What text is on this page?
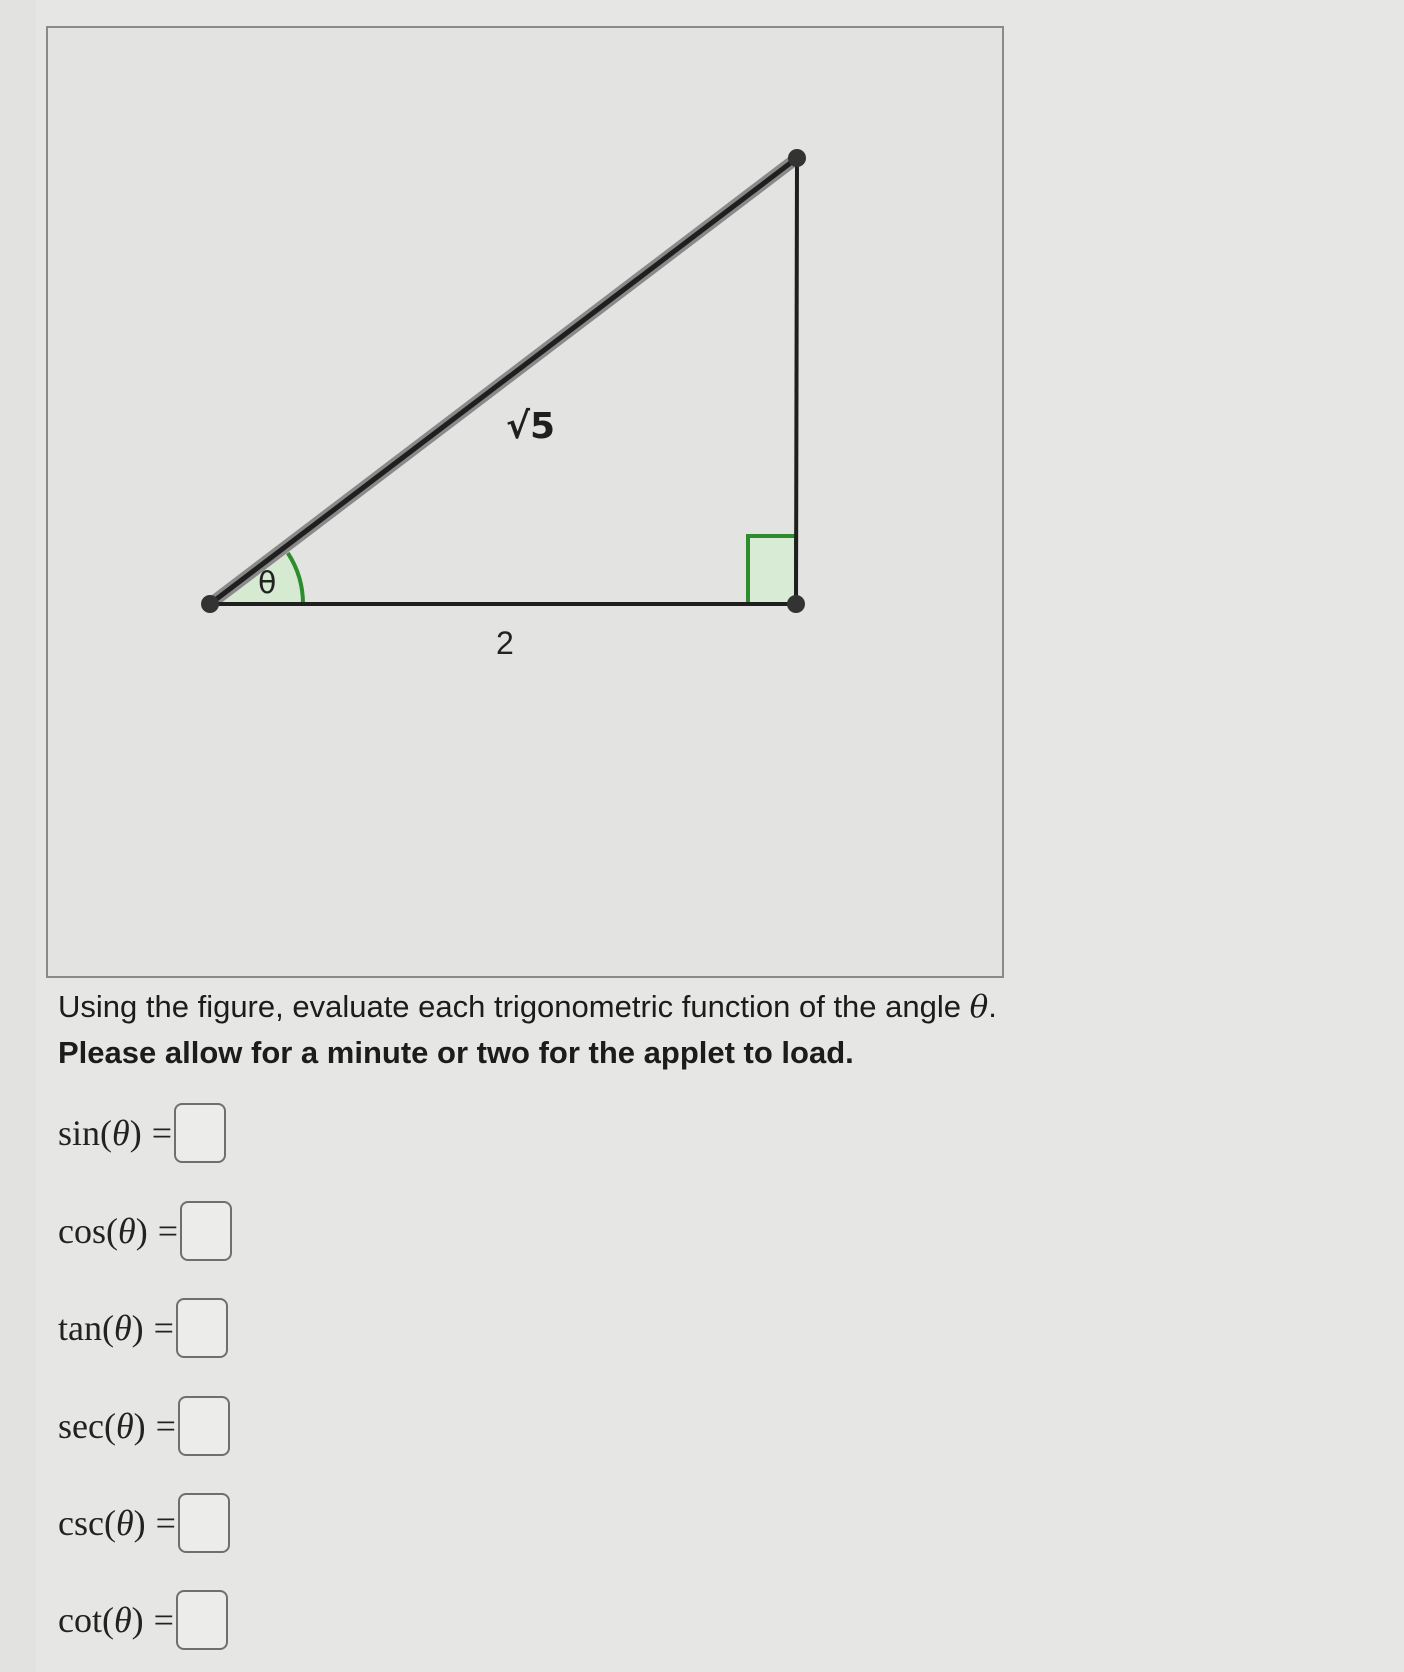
θ
√5
2
Using the figure, evaluate each trigonometric function of the angle θ.
Please allow for a minute or two for the applet to load.
sin(θ) =
cos(θ) =
tan(θ) =
sec(θ) =
csc(θ) =
cot(θ) =
